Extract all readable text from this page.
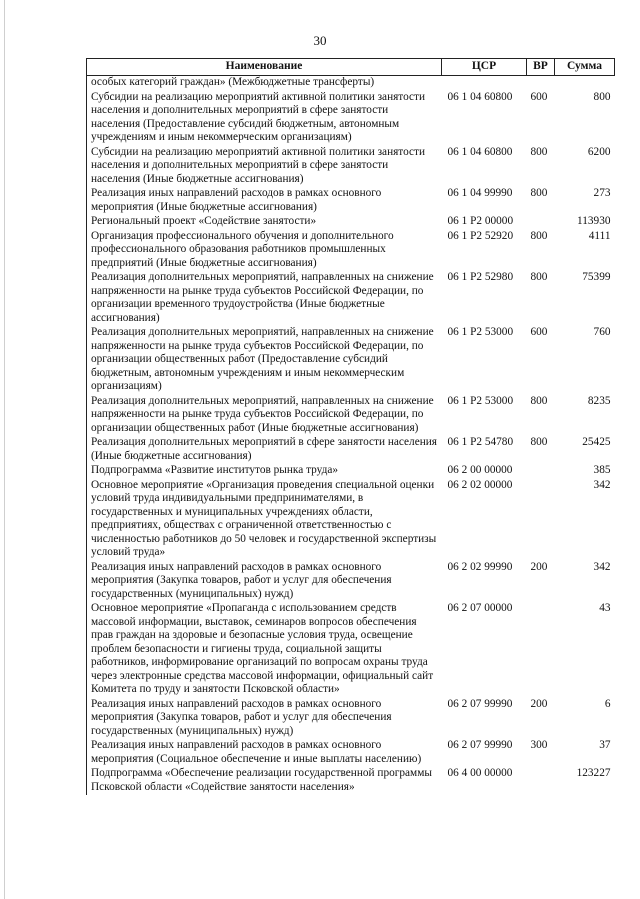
30
Наименование	ЦСР	ВР	Сумма
особых категорий граждан» (Межбюджетные трансферты)			
Субсидии на реализацию мероприятий активной политики занятости населения и дополнительных мероприятий в сфере занятости населения (Предоставление субсидий бюджетным, автономным учреждениям и иным некоммерческим организациям)	06 1 04 60800	600	800
Субсидии на реализацию мероприятий активной политики занятости населения и дополнительных мероприятий в сфере занятости населения (Иные бюджетные ассигнования)	06 1 04 60800	800	6200
Реализация иных направлений расходов в рамках основного мероприятия (Иные бюджетные ассигнования)	06 1 04 99990	800	273
Региональный проект «Содействие занятости»	06 1 Р2 00000		113930
Организация профессионального обучения и дополнительного профессионального образования работников промышленных предприятий (Иные бюджетные ассигнования)	06 1 Р2 52920	800	4111
Реализация дополнительных мероприятий, направленных на снижение напряженности на рынке труда субъектов Российской Федерации, по организации временного трудоустройства (Иные бюджетные ассигнования)	06 1 Р2 52980	800	75399
Реализация дополнительных мероприятий, направленных на снижение напряженности на рынке труда субъектов Российской Федерации, по организации общественных работ (Предоставление субсидий бюджетным, автономным учреждениям и иным некоммерческим организациям)	06 1 Р2 53000	600	760
Реализация дополнительных мероприятий, направленных на снижение напряженности на рынке труда субъектов Российской Федерации, по организации общественных работ (Иные бюджетные ассигнования)	06 1 Р2 53000	800	8235
Реализация дополнительных мероприятий в сфере занятости населения (Иные бюджетные ассигнования)	06 1 Р2 54780	800	25425
Подпрограмма «Развитие институтов рынка труда»	06 2 00 00000		385
Основное мероприятие «Организация проведения специальной оценки условий труда индивидуальными предпринимателями, в государственных и муниципальных учреждениях области, предприятиях, обществах с ограниченной ответственностью с численностью работников до 50 человек и государственной экспертизы условий труда»	06 2 02 00000		342
Реализация иных направлений расходов в рамках основного мероприятия (Закупка товаров, работ и услуг для обеспечения государственных (муниципальных) нужд)	06 2 02 99990	200	342
Основное мероприятие «Пропаганда с использованием средств массовой информации, выставок, семинаров вопросов обеспечения прав граждан на здоровые и безопасные условия труда, освещение проблем безопасности и гигиены труда, социальной защиты работников, информирование организаций по вопросам охраны труда через электронные средства массовой информации, официальный сайт Комитета по труду и занятости Псковской области»	06 2 07 00000		43
Реализация иных направлений расходов в рамках основного мероприятия (Закупка товаров, работ и услуг для обеспечения государственных (муниципальных) нужд)	06 2 07 99990	200	6
Реализация иных направлений расходов в рамках основного мероприятия (Социальное обеспечение и иные выплаты населению)	06 2 07 99990	300	37
Подпрограмма «Обеспечение реализации государственной программы Псковской области «Содействие занятости населения»	06 4 00 00000		123227
